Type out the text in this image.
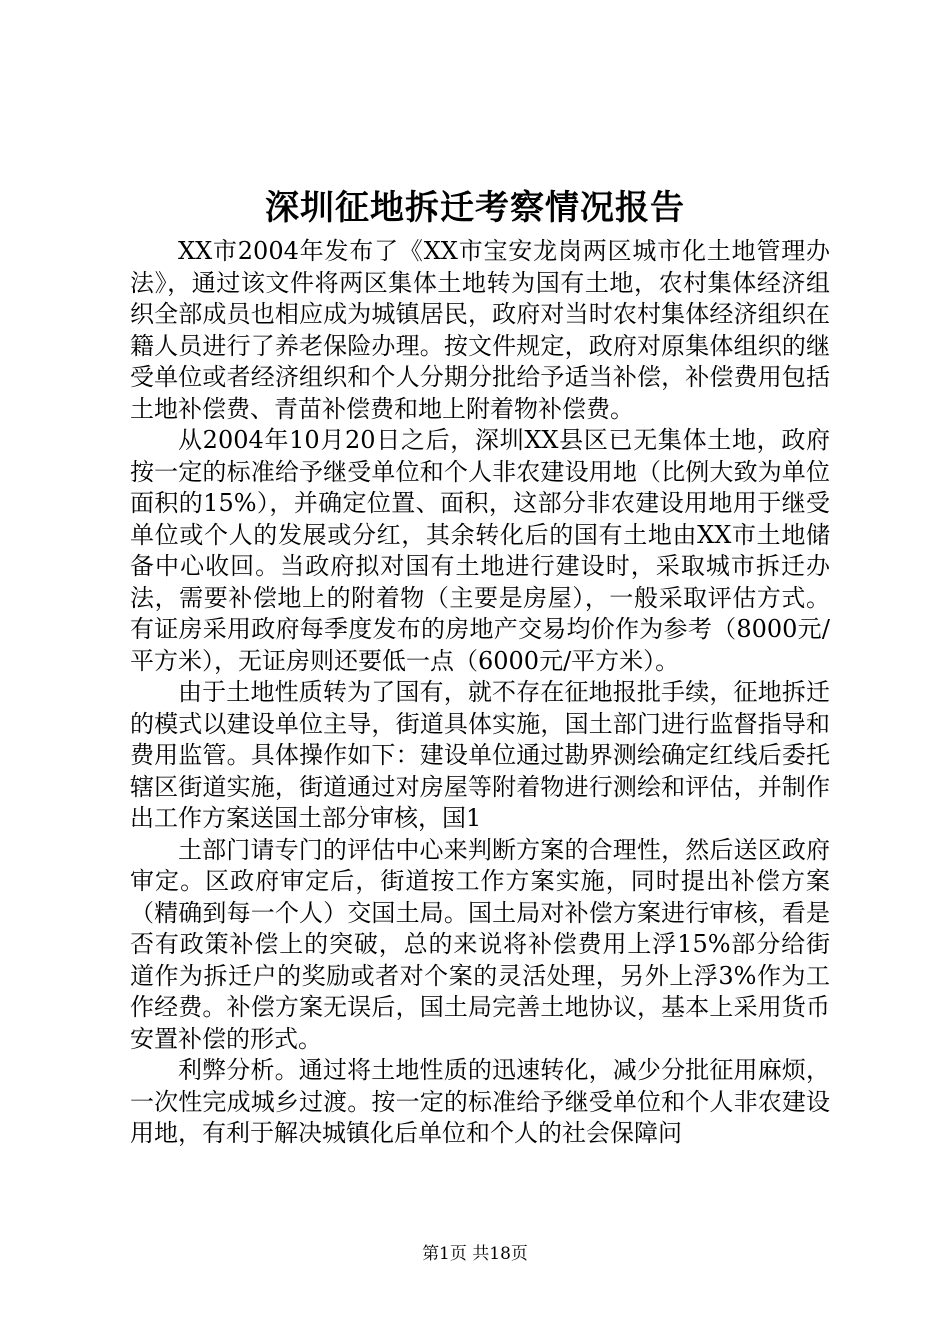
深圳征地拆迁考察情况报告

XX市2004年发布了《XX市宝安龙岗两区城市化土地管理办法》，通过该文件将两区集体土地转为国有土地，农村集体经济组织全部成员也相应成为城镇居民，政府对当时农村集体经济组织在籍人员进行了养老保险办理。按文件规定，政府对原集体组织的继受单位或者经济组织和个人分期分批给予适当补偿，补偿费用包括土地补偿费、青苗补偿费和地上附着物补偿费。

从2004年10月20日之后，深圳XX县区已无集体土地，政府按一定的标准给予继受单位和个人非农建设用地（比例大致为单位面积的15%），并确定位置、面积，这部分非农建设用地用于继受单位或个人的发展或分红，其余转化后的国有土地由XX市土地储备中心收回。当政府拟对国有土地进行建设时，采取城市拆迁办法，需要补偿地上的附着物（主要是房屋），一般采取评估方式。有证房采用政府每季度发布的房地产交易均价作为参考（8000元/平方米），无证房则还要低一点（6000元/平方米）。

由于土地性质转为了国有，就不存在征地报批手续，征地拆迁的模式以建设单位主导，街道具体实施，国土部门进行监督指导和费用监管。具体操作如下：建设单位通过勘界测绘确定红线后委托辖区街道实施，街道通过对房屋等附着物进行测绘和评估，并制作出工作方案送国土部分审核，国1

土部门请专门的评估中心来判断方案的合理性，然后送区政府审定。区政府审定后，街道按工作方案实施，同时提出补偿方案（精确到每一个人）交国土局。国土局对补偿方案进行审核，看是否有政策补偿上的突破，总的来说将补偿费用上浮15%部分给街道作为拆迁户的奖励或者对个案的灵活处理，另外上浮3%作为工作经费。补偿方案无误后，国土局完善土地协议，基本上采用货币安置补偿的形式。

利弊分析。通过将土地性质的迅速转化，减少分批征用麻烦，一次性完成城乡过渡。按一定的标准给予继受单位和个人非农建设用地，有利于解决城镇化后单位和个人的社会保障问

第1页 共18页
